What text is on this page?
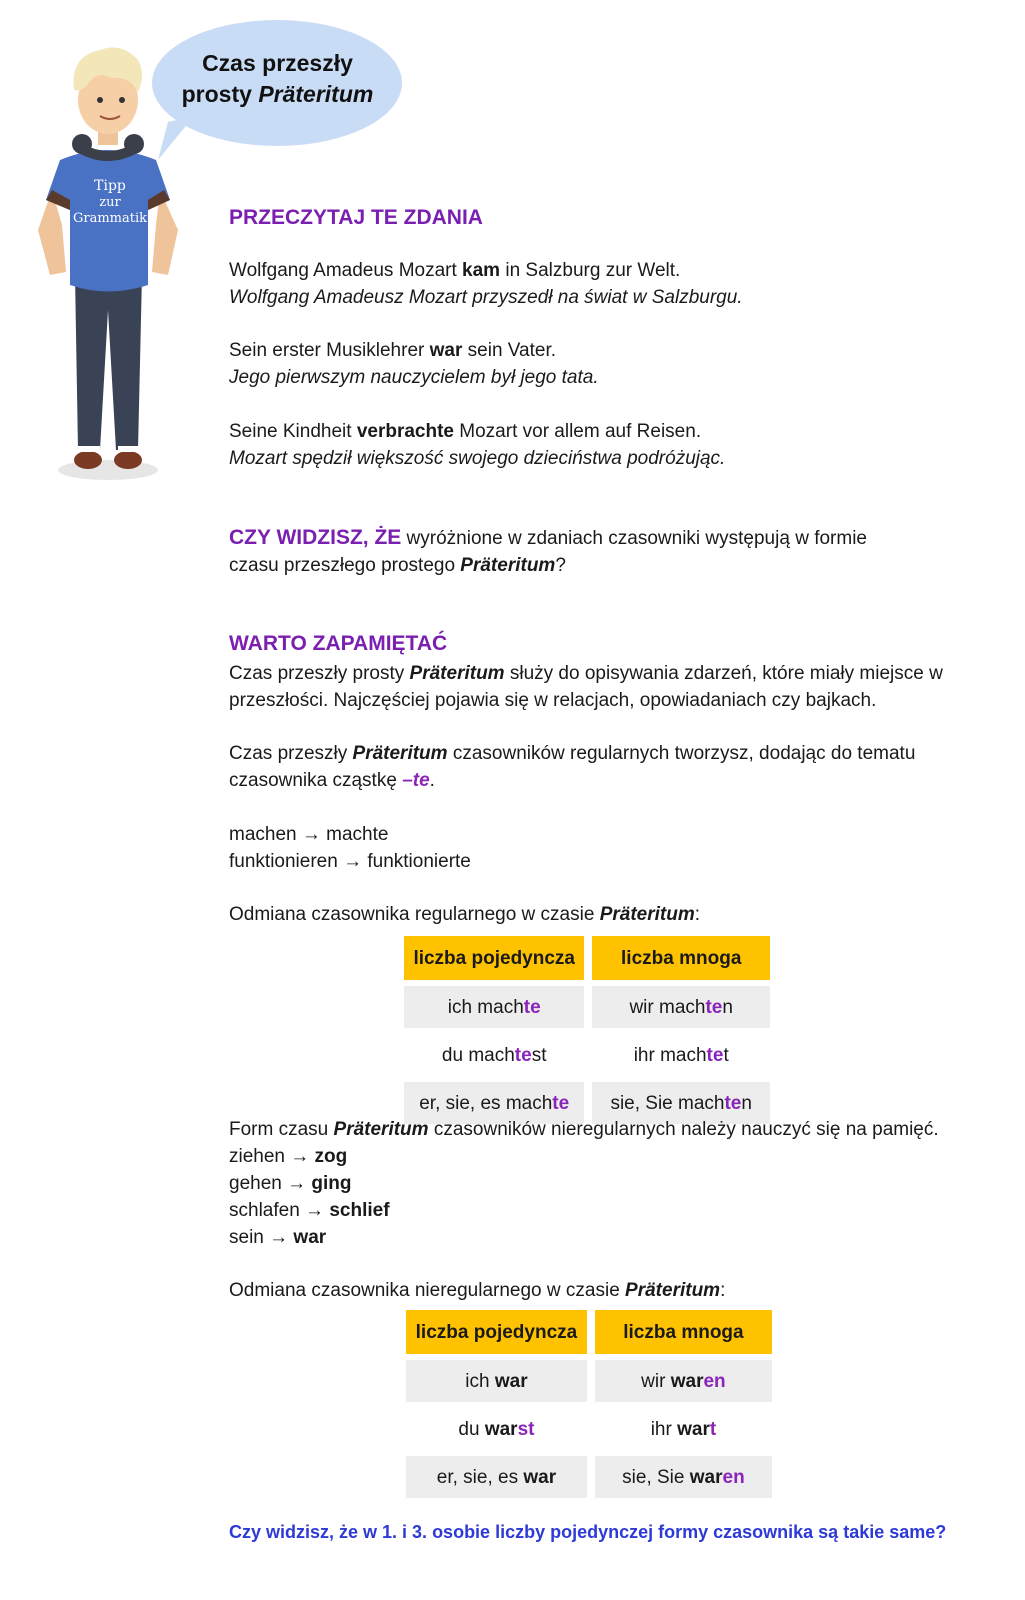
Tipp
zur
Grammatik
Czas przeszły
prosty Präteritum
PRZECZYTAJ TE ZDANIA

Wolfgang Amadeus Mozart kam in Salzburg zur Welt.

Wolfgang Amadeusz Mozart przyszedł na świat w Salzburgu.

Sein erster Musiklehrer war sein Vater.

Jego pierwszym nauczycielem był jego tata.

Seine Kindheit verbrachte Mozart vor allem auf Reisen.

Mozart spędził większość swojego dzieciństwa podróżując.

CZY WIDZISZ, ŻE wyróżnione w zdaniach czasowniki występują w formie czasu przeszłego prostego Präteritum?

WARTO ZAPAMIĘTAĆ

Czas przeszły prosty Präteritum służy do opisywania zdarzeń, które miały miejsce w przeszłości. Najczęściej pojawia się w relacjach, opowiadaniach czy bajkach.

Czas przeszły Präteritum czasowników regularnych tworzysz, dodając do tematu czasownika cząstkę –te.

machen → machte

funktionieren → funktionierte

Odmiana czasownika regularnego w czasie Präteritum:

liczba pojedyncza	liczba mnoga
ich machte	wir machten
du machtest	ihr machtet
er, sie, es machte	sie, Sie machten

Form czasu Präteritum czasowników nieregularnych należy nauczyć się na pamięć.

ziehen → zog

gehen → ging

schlafen → schlief

sein → war

Odmiana czasownika nieregularnego w czasie Präteritum:

liczba pojedyncza	liczba mnoga
ich war	wir waren
du warst	ihr wart
er, sie, es war	sie, Sie waren
Czy widzisz, że w 1. i 3. osobie liczby pojedynczej formy czasownika są takie same?
